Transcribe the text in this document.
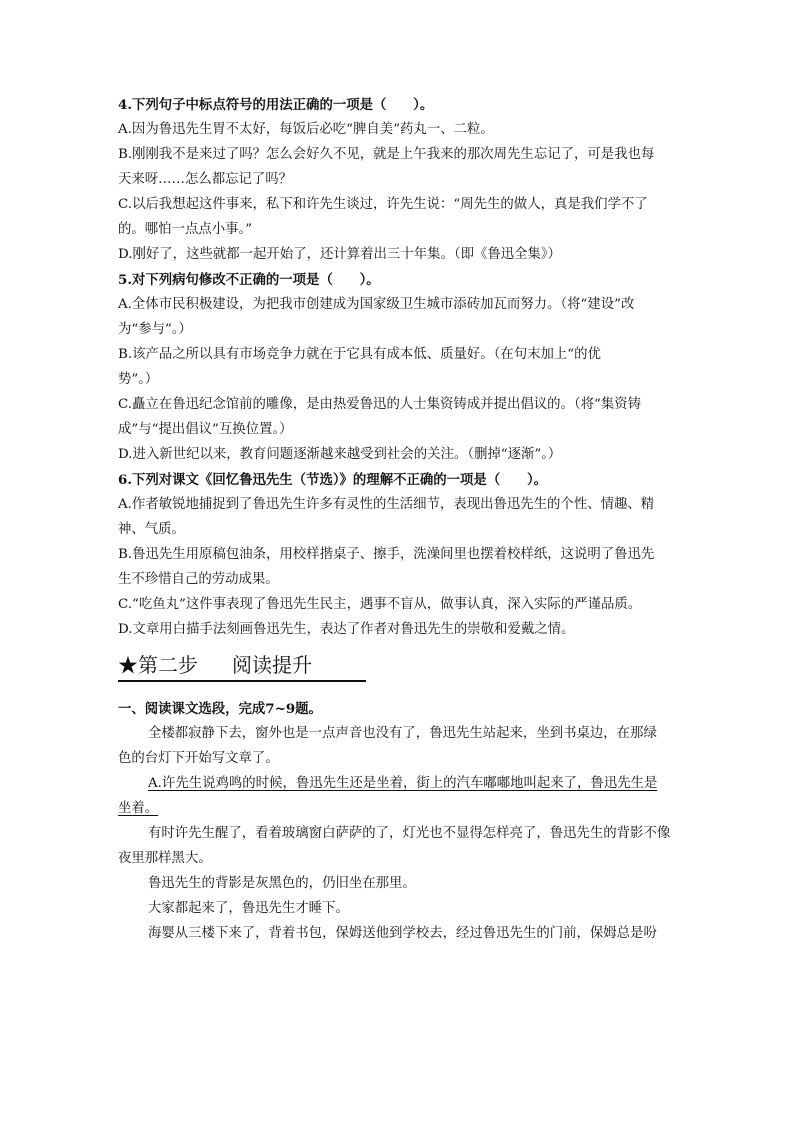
4.下列句子中标点符号的用法正确的一项是（　　）。

A.因为鲁迅先生胃不太好，每饭后必吃“脾自美”药丸一、二粒。

B.刚刚我不是来过了吗？怎么会好久不见，就是上午我来的那次周先生忘记了，可是我也每

天来呀……怎么都忘记了吗？

C.以后我想起这件事来，私下和许先生谈过，许先生说：“周先生的做人，真是我们学不了

的。哪怕一点点小事。”

D.刚好了，这些就都一起开始了，还计算着出三十年集。（即《鲁迅全集》）

5.对下列病句修改不正确的一项是（　　）。

A.全体市民积极建设，为把我市创建成为国家级卫生城市添砖加瓦而努力。（将“建设”改

为“参与”。）

B.该产品之所以具有市场竞争力就在于它具有成本低、质量好。（在句末加上“的优

势”。）

C.矗立在鲁迅纪念馆前的雕像，是由热爱鲁迅的人士集资铸成并提出倡议的。（将“集资铸

成”与“提出倡议”互换位置。）

D.进入新世纪以来，教育问题逐渐越来越受到社会的关注。（删掉“逐渐”。）

6.下列对课文《回忆鲁迅先生（节选）》的理解不正确的一项是（　　）。

A.作者敏锐地捕捉到了鲁迅先生许多有灵性的生活细节，表现出鲁迅先生的个性、情趣、精

神、气质。

B.鲁迅先生用原稿包油条，用校样揩桌子、擦手，洗澡间里也摆着校样纸，这说明了鲁迅先

生不珍惜自己的劳动成果。

C.“吃鱼丸”这件事表现了鲁迅先生民主，遇事不盲从，做事认真，深入实际的严谨品质。

D.文章用白描手法刻画鲁迅先生，表达了作者对鲁迅先生的崇敬和爱戴之情。

★第二步 阅读提升

一、阅读课文选段，完成7~9题。

全楼都寂静下去，窗外也是一点声音也没有了，鲁迅先生站起来，坐到书桌边，在那绿

色的台灯下开始写文章了。

A.许先生说鸡鸣的时候，鲁迅先生还是坐着，街上的汽车嘟嘟地叫起来了，鲁迅先生是

坐着。

有时许先生醒了，看着玻璃窗白萨萨的了，灯光也不显得怎样亮了，鲁迅先生的背影不像

夜里那样黑大。

鲁迅先生的背影是灰黑色的，仍旧坐在那里。

大家都起来了，鲁迅先生才睡下。

海婴从三楼下来了，背着书包，保姆送他到学校去，经过鲁迅先生的门前，保姆总是吩
